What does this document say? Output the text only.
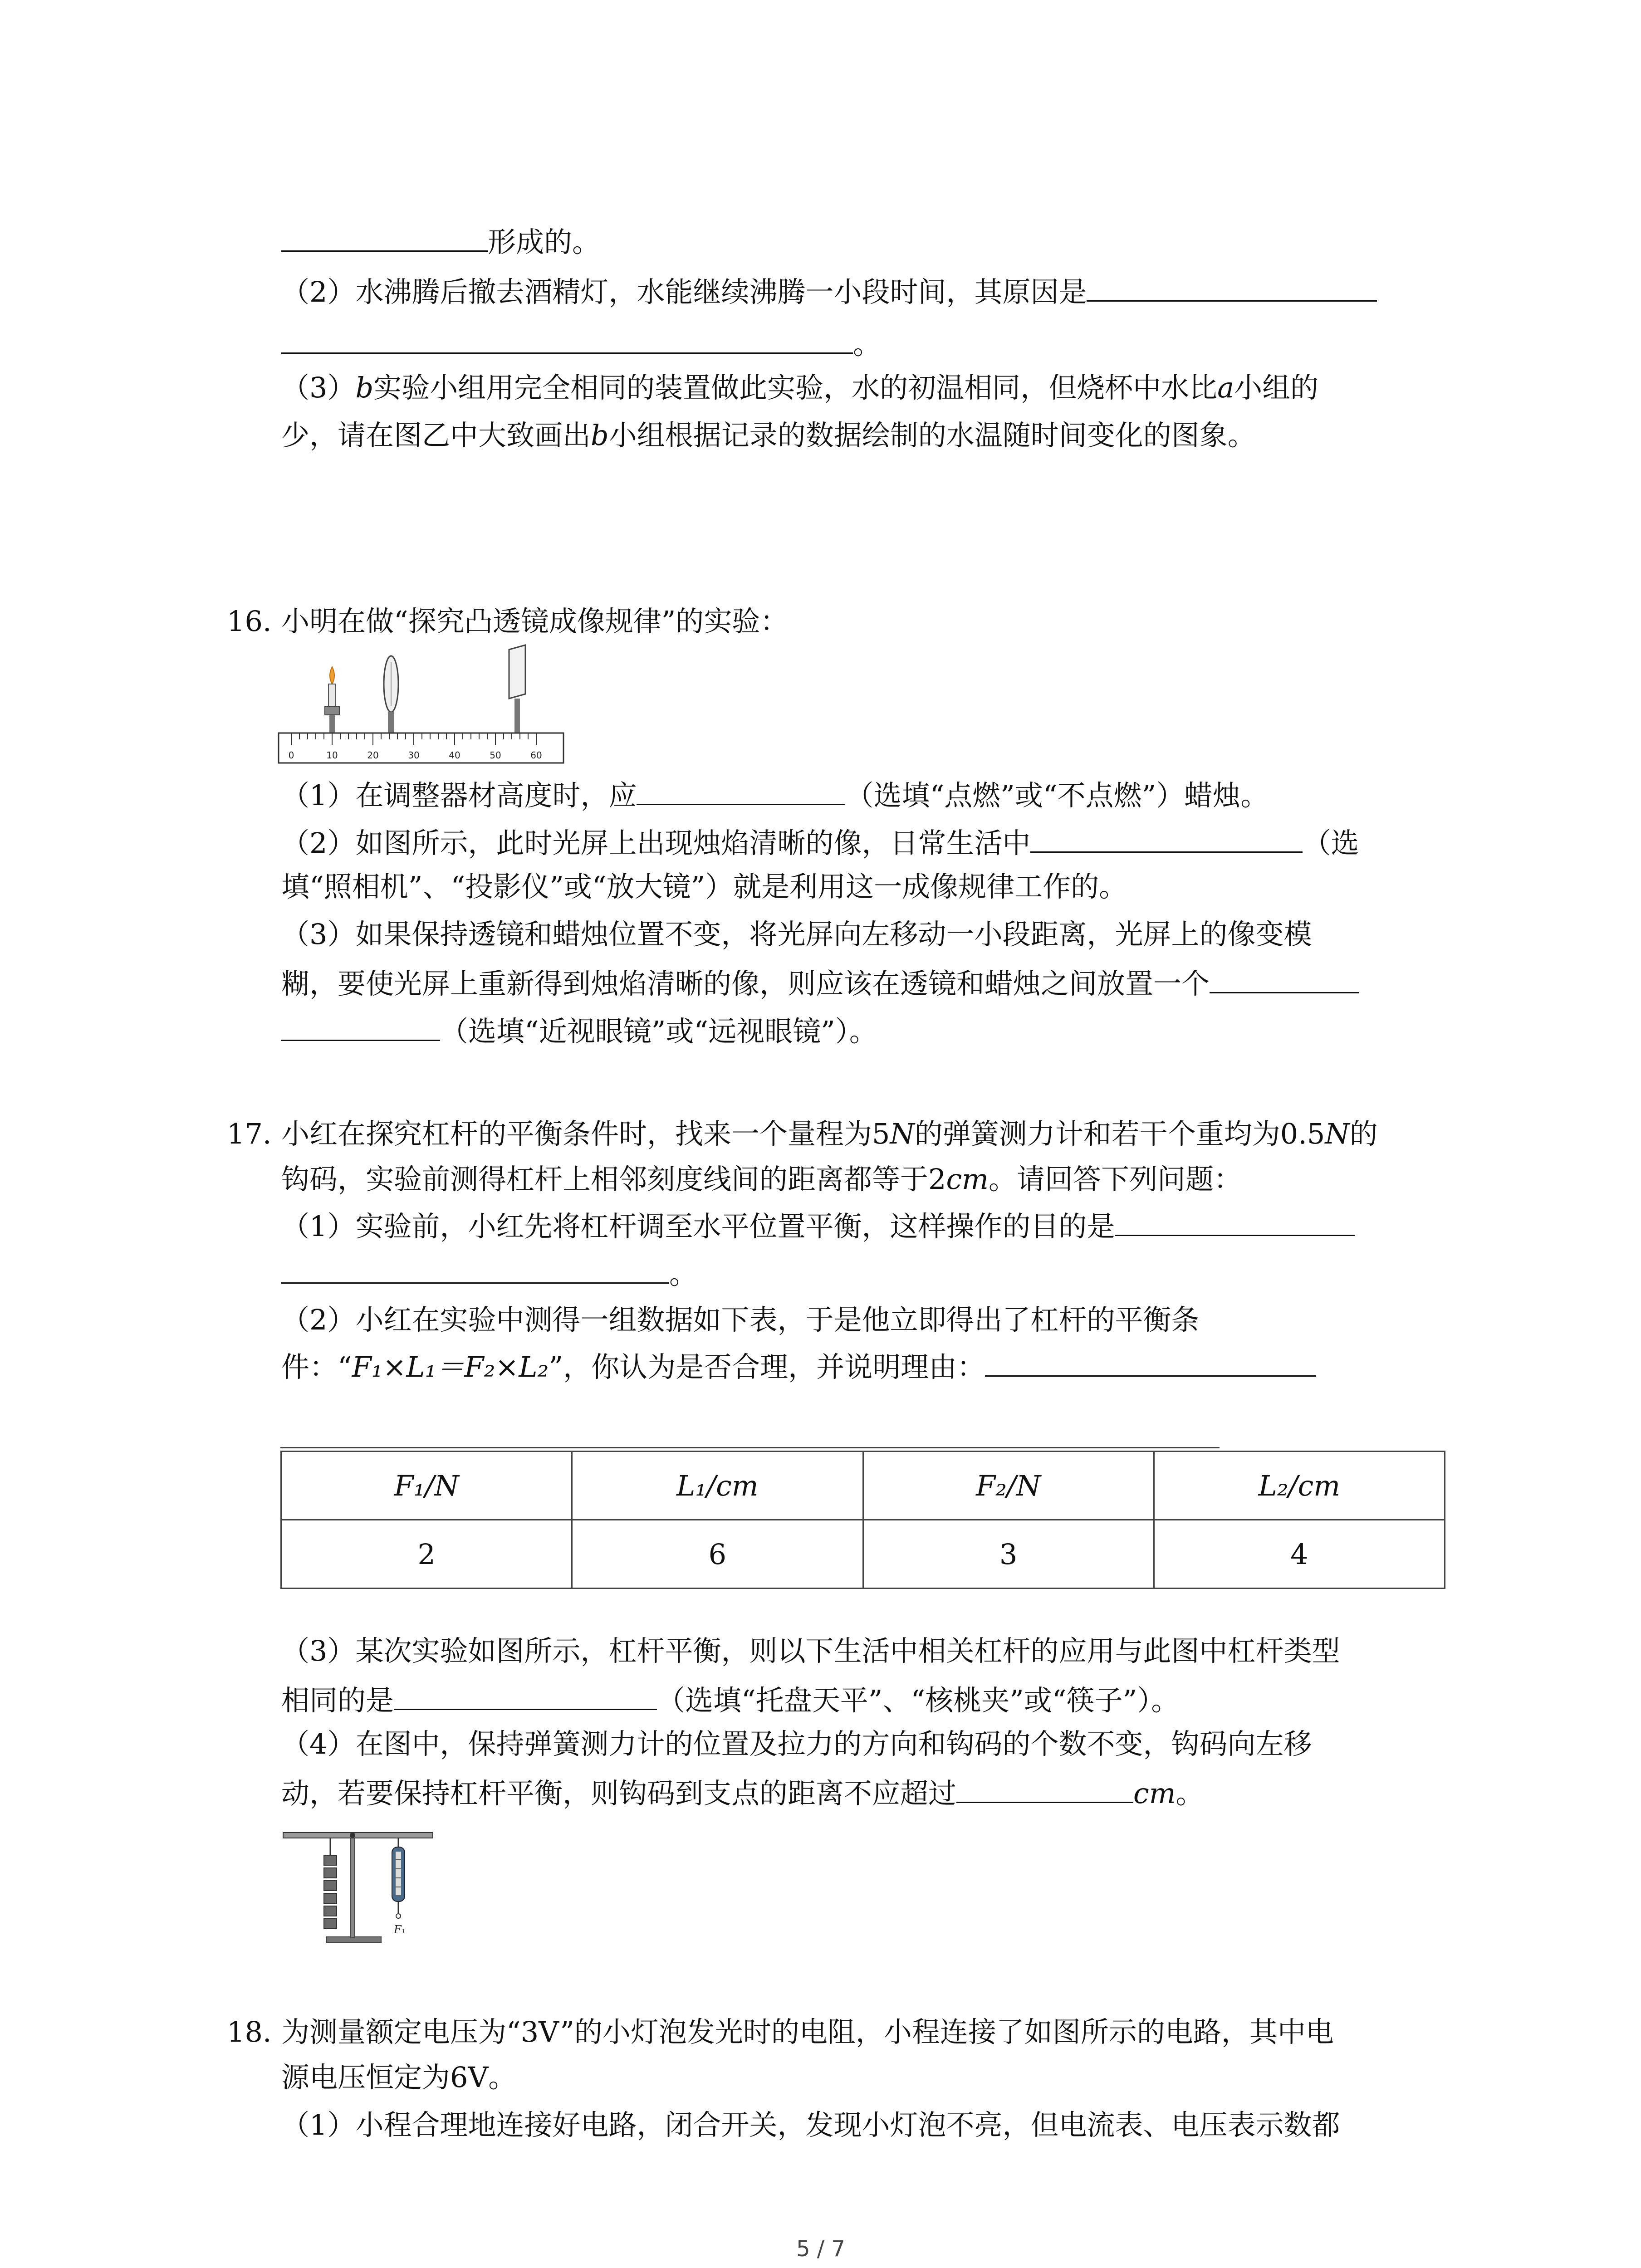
形成的。
（2）水沸腾后撤去酒精灯，水能继续沸腾一小段时间，其原因是
。
（3）b实验小组用完全相同的装置做此实验，水的初温相同，但烧杯中水比a小组的
少，请在图乙中大致画出b小组根据记录的数据绘制的水温随时间变化的图象。
16. 小明在做“探究凸透镜成像规律”的实验：
0	10	20	30	40	50	60
（1）在调整器材高度时，应	（选填“点燃”或“不点燃”）蜡烛。
（2）如图所示，此时光屏上出现烛焰清晰的像，日常生活中	（选
填“照相机”、“投影仪”或“放大镜”）就是利用这一成像规律工作的。
（3）如果保持透镜和蜡烛位置不变，将光屏向左移动一小段距离，光屏上的像变模
糊，要使光屏上重新得到烛焰清晰的像，则应该在透镜和蜡烛之间放置一个
（选填“近视眼镜”或“远视眼镜”）。
17. 小红在探究杠杆的平衡条件时，找来一个量程为5N的弹簧测力计和若干个重均为0.5N的
钩码，实验前测得杠杆上相邻刻度线间的距离都等于2cm。请回答下列问题：
（1）实验前，小红先将杠杆调至水平位置平衡，这样操作的目的是
。
（2）小红在实验中测得一组数据如下表，于是他立即得出了杠杆的平衡条
件：“F₁×L₁＝F₂×L₂”，你认为是否合理，并说明理由：
F₁/N	L₁/cm	F₂/N	L₂/cm
2	6	3	4
（3）某次实验如图所示，杠杆平衡，则以下生活中相关杠杆的应用与此图中杠杆类型
相同的是	（选填“托盘天平”、“核桃夹”或“筷子”）。
（4）在图中，保持弹簧测力计的位置及拉力的方向和钩码的个数不变，钩码向左移
动，若要保持杠杆平衡，则钩码到支点的距离不应超过	cm。
F₁
18. 为测量额定电压为“3V”的小灯泡发光时的电阻，小程连接了如图所示的电路，其中电
源电压恒定为6V。
（1）小程合理地连接好电路，闭合开关，发现小灯泡不亮，但电流表、电压表示数都
5 / 7
